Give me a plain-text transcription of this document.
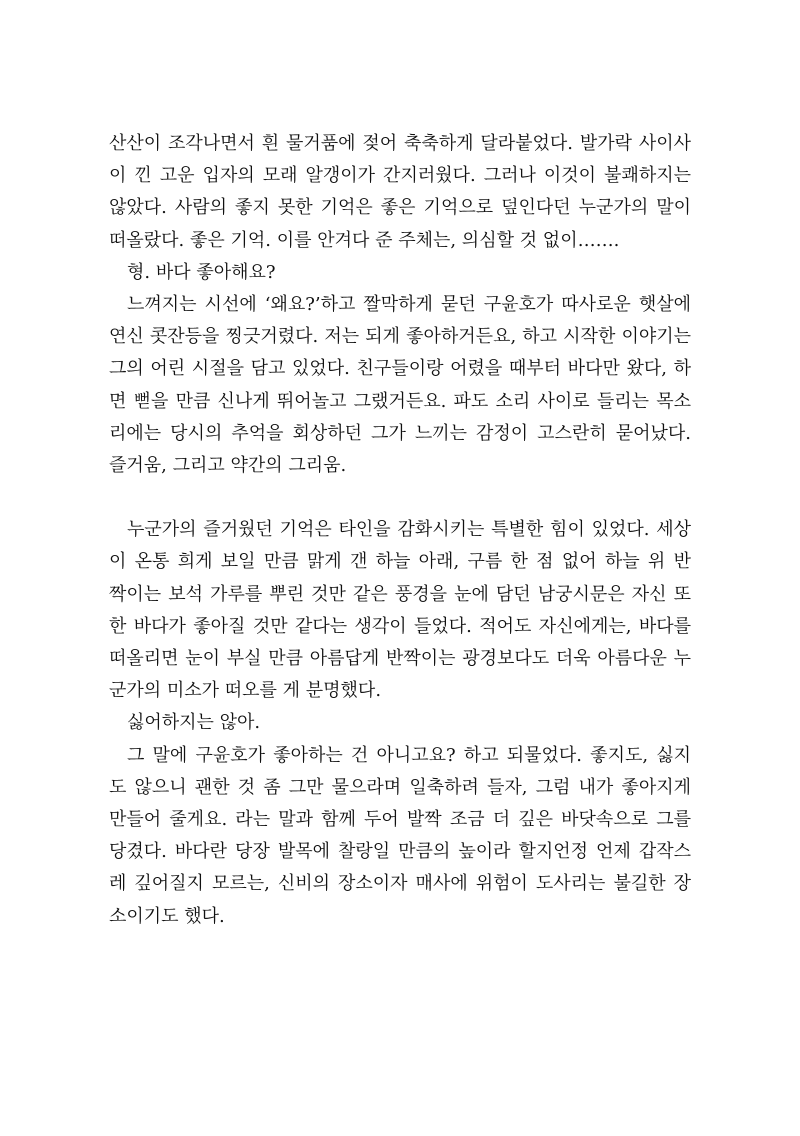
산산이 조각나면서 흰 물거품에 젖어 축축하게 달라붙었다. 발가락 사이사
이 낀 고운 입자의 모래 알갱이가 간지러웠다. 그러나 이것이 불쾌하지는
않았다. 사람의 좋지 못한 기억은 좋은 기억으로 덮인다던 누군가의 말이
떠올랐다. 좋은 기억. 이를 안겨다 준 주체는, 의심할 것 없이…….
형. 바다 좋아해요?
느껴지는 시선에 ‘왜요?’하고 짤막하게 묻던 구윤호가 따사로운 햇살에
연신 콧잔등을 찡긋거렸다. 저는 되게 좋아하거든요, 하고 시작한 이야기는
그의 어린 시절을 담고 있었다. 친구들이랑 어렸을 때부터 바다만 왔다, 하
면 뻗을 만큼 신나게 뛰어놀고 그랬거든요. 파도 소리 사이로 들리는 목소
리에는 당시의 추억을 회상하던 그가 느끼는 감정이 고스란히 묻어났다.
즐거움, 그리고 약간의 그리움.
누군가의 즐거웠던 기억은 타인을 감화시키는 특별한 힘이 있었다. 세상
이 온통 희게 보일 만큼 맑게 갠 하늘 아래, 구름 한 점 없어 하늘 위 반
짝이는 보석 가루를 뿌린 것만 같은 풍경을 눈에 담던 남궁시문은 자신 또
한 바다가 좋아질 것만 같다는 생각이 들었다. 적어도 자신에게는, 바다를
떠올리면 눈이 부실 만큼 아름답게 반짝이는 광경보다도 더욱 아름다운 누
군가의 미소가 떠오를 게 분명했다.
싫어하지는 않아.
그 말에 구윤호가 좋아하는 건 아니고요? 하고 되물었다. 좋지도, 싫지
도 않으니 괜한 것 좀 그만 물으라며 일축하려 들자, 그럼 내가 좋아지게
만들어 줄게요. 라는 말과 함께 두어 발짝 조금 더 깊은 바닷속으로 그를
당겼다. 바다란 당장 발목에 찰랑일 만큼의 높이라 할지언정 언제 갑작스
레 깊어질지 모르는, 신비의 장소이자 매사에 위험이 도사리는 불길한 장
소이기도 했다.
